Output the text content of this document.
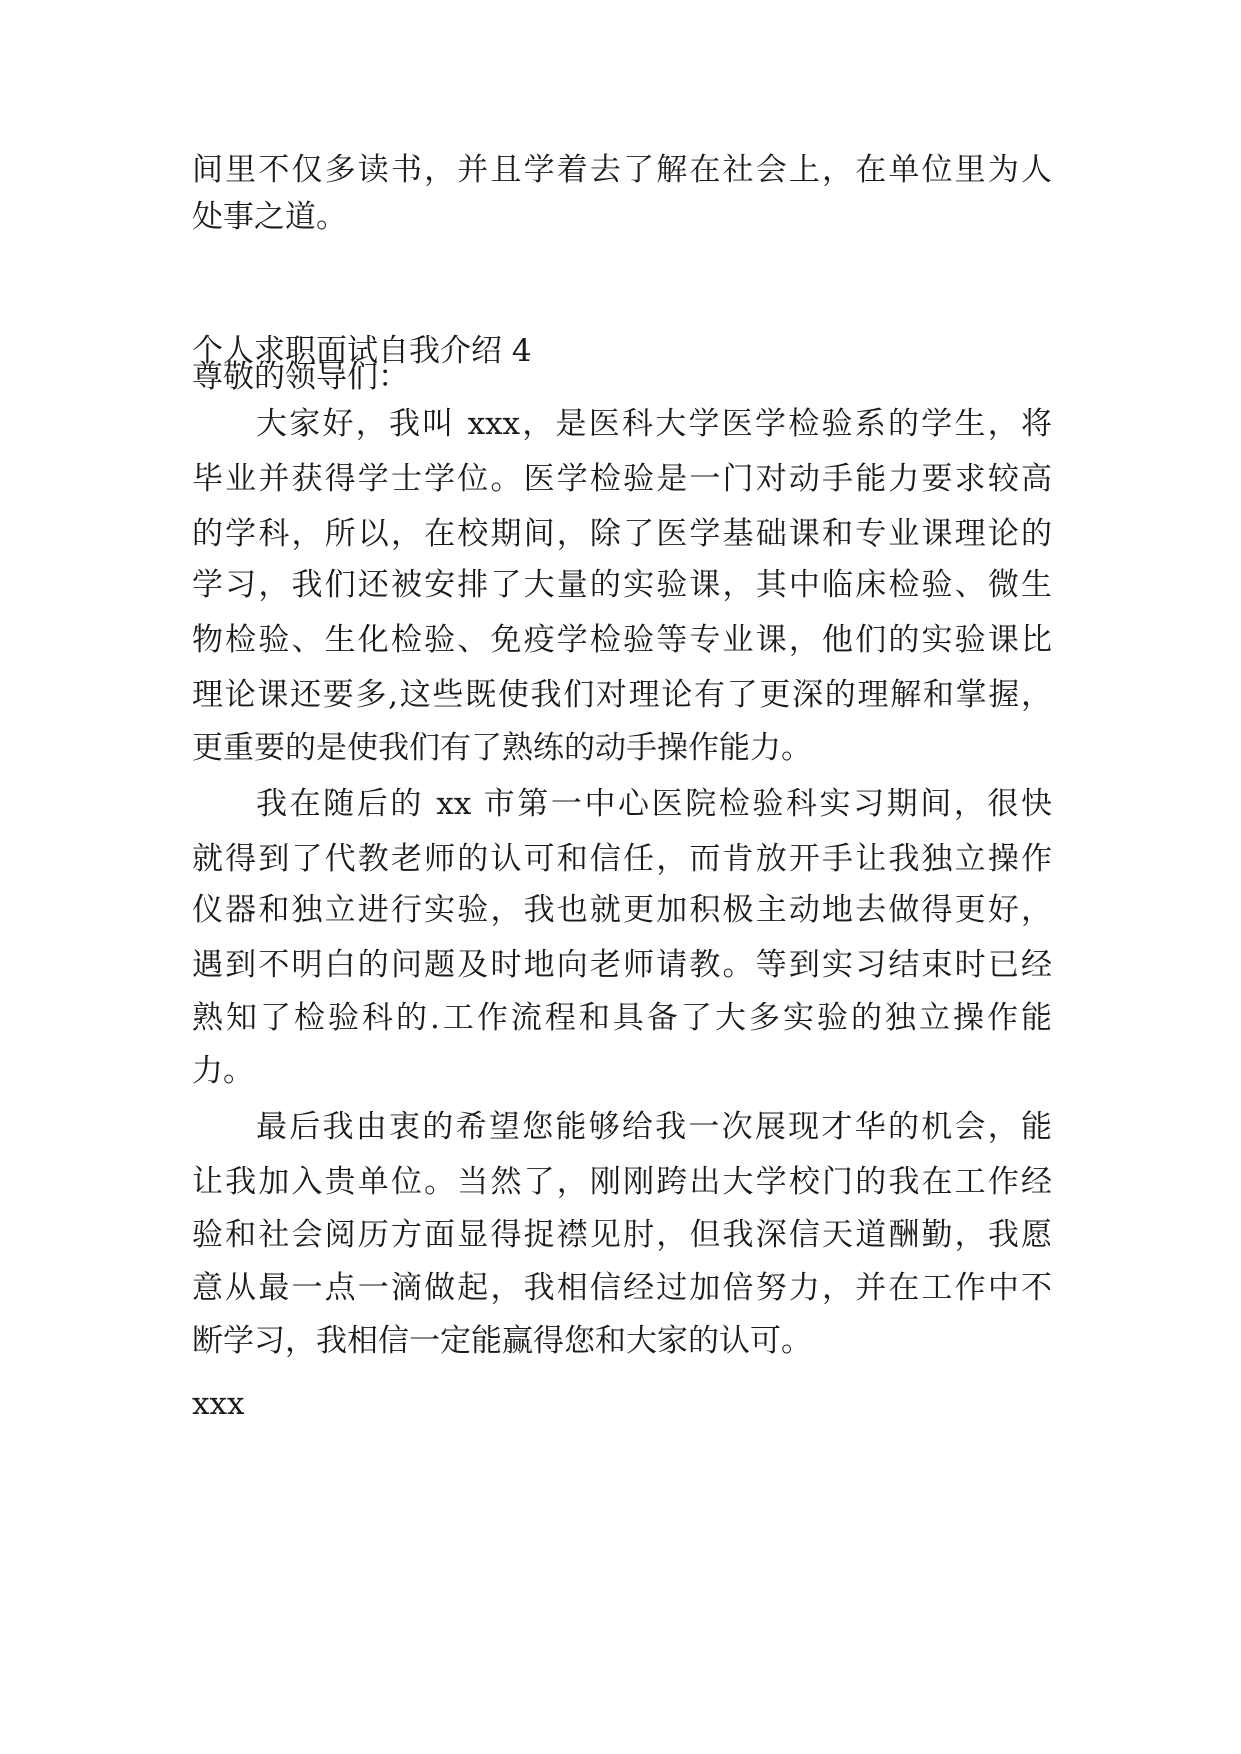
间里不仅多读书，并且学着去了解在社会上，在单位里为人
处事之道。
个人求职面试自我介绍 4
尊敬的领导们：
大家好，我叫 xxx，是医科大学医学检验系的学生，将
毕业并获得学士学位。医学检验是一门对动手能力要求较高
的学科，所以，在校期间，除了医学基础课和专业课理论的
学习，我们还被安排了大量的实验课，其中临床检验、微生
物检验、生化检验、免疫学检验等专业课，他们的实验课比
理论课还要多,这些既使我们对理论有了更深的理解和掌握，
更重要的是使我们有了熟练的动手操作能力。
我在随后的 xx 市第一中心医院检验科实习期间，很快
就得到了代教老师的认可和信任，而肯放开手让我独立操作
仪器和独立进行实验，我也就更加积极主动地去做得更好，
遇到不明白的问题及时地向老师请教。等到实习结束时已经
熟知了检验科的.工作流程和具备了大多实验的独立操作能
力。
最后我由衷的希望您能够给我一次展现才华的机会，能
让我加入贵单位。当然了，刚刚跨出大学校门的我在工作经
验和社会阅历方面显得捉襟见肘，但我深信天道酬勤，我愿
意从最一点一滴做起，我相信经过加倍努力，并在工作中不
断学习，我相信一定能赢得您和大家的认可。
xxx
